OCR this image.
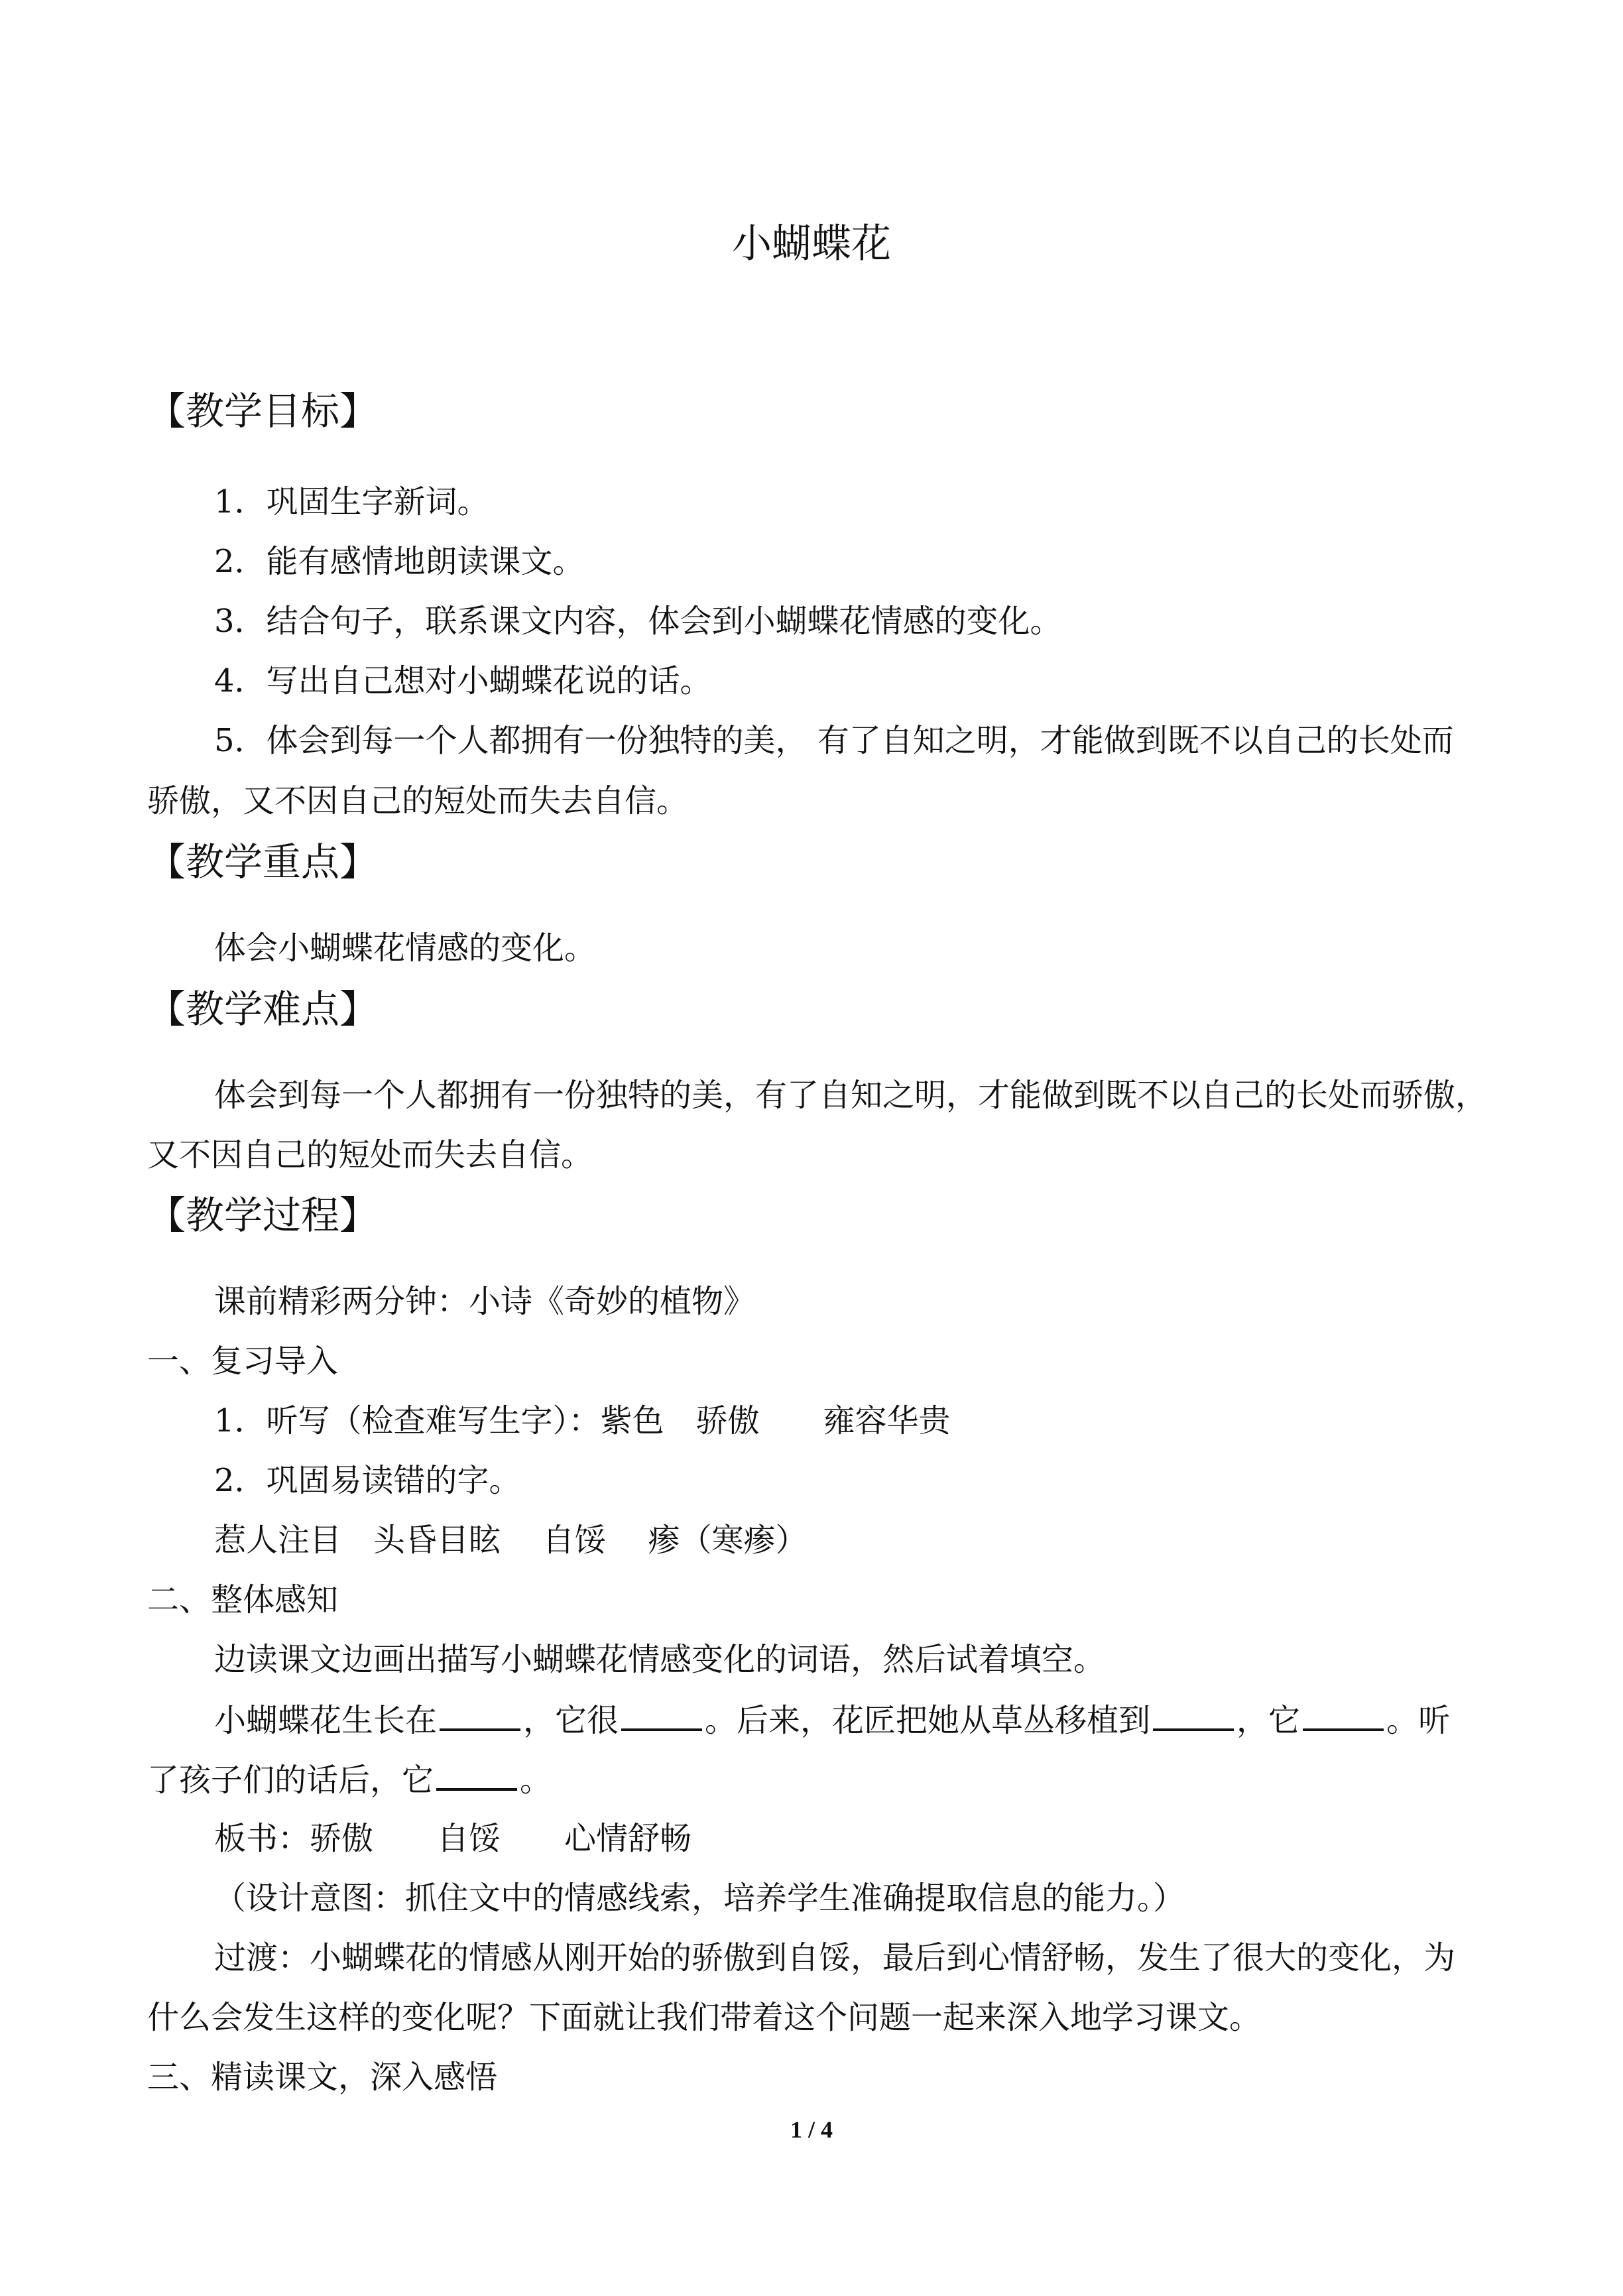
小蝴蝶花
【教学目标】
1．巩固生字新词。
2．能有感情地朗读课文。
3．结合句子，联系课文内容，体会到小蝴蝶花情感的变化。
4．写出自己想对小蝴蝶花说的话。
5．体会到每一个人都拥有一份独特的美， 有了自知之明，才能做到既不以自己的长处而
骄傲，又不因自己的短处而失去自信。
【教学重点】
体会小蝴蝶花情感的变化。
【教学难点】
体会到每一个人都拥有一份独特的美，有了自知之明，才能做到既不以自己的长处而骄傲，
又不因自己的短处而失去自信。
【教学过程】
课前精彩两分钟：小诗《奇妙的植物》
一、复习导入
1．听写（检查难写生字）：紫色　骄傲　　雍容华贵
2．巩固易读错的字。
惹人注目　头昏目眩　 自馁　 瘆（寒瘆）
二、整体感知
边读课文边画出描写小蝴蝶花情感变化的词语，然后试着填空。
小蝴蝶花生长在	，它很	。后来，花匠把她从草丛移植到	，它	。听
了孩子们的话后，它	。
板书：骄傲　　自馁　　心情舒畅
（设计意图：抓住文中的情感线索，培养学生准确提取信息的能力。）
过渡：小蝴蝶花的情感从刚开始的骄傲到自馁，最后到心情舒畅，发生了很大的变化，为
什么会发生这样的变化呢？下面就让我们带着这个问题一起来深入地学习课文。
三、精读课文，深入感悟
1 / 4
